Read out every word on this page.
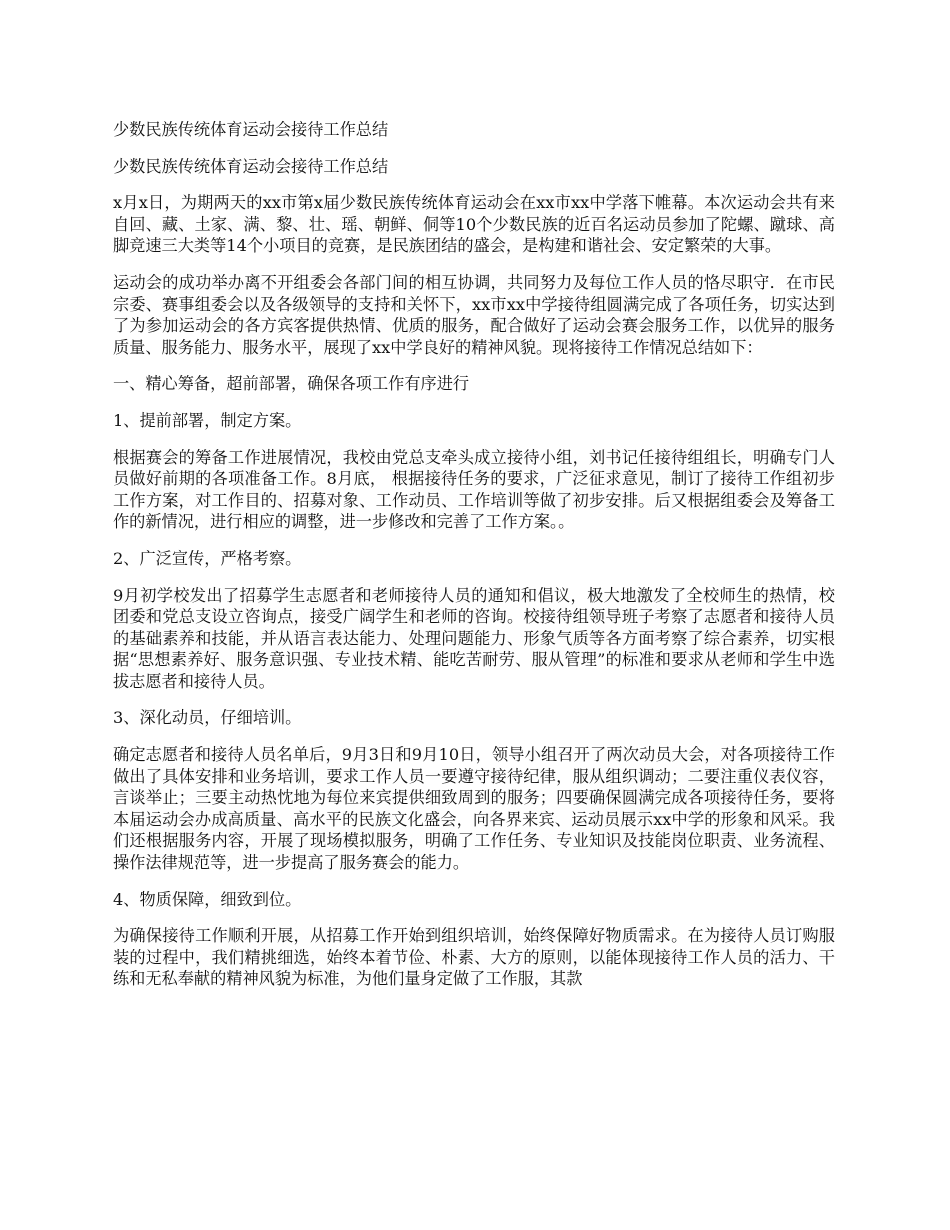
少数民族传统体育运动会接待工作总结

少数民族传统体育运动会接待工作总结

x月x日，为期两天的xx市第x届少数民族传统体育运动会在xx市xx中学落下帷幕。本次运动会共有来自回、藏、土家、满、黎、壮、瑶、朝鲜、侗等10个少数民族的近百名运动员参加了陀螺、蹴球、高脚竞速三大类等14个小项目的竞赛，是民族团结的盛会，是构建和谐社会、安定繁荣的大事。

运动会的成功举办离不开组委会各部门间的相互协调，共同努力及每位工作人员的恪尽职守．在市民宗委、赛事组委会以及各级领导的支持和关怀下，xx市xx中学接待组圆满完成了各项任务，切实达到了为参加运动会的各方宾客提供热情、优质的服务，配合做好了运动会赛会服务工作，以优异的服务质量、服务能力、服务水平，展现了xx中学良好的精神风貌。现将接待工作情况总结如下：

一、精心筹备，超前部署，确保各项工作有序进行

1、提前部署，制定方案。

根据赛会的筹备工作进展情况，我校由党总支牵头成立接待小组，刘书记任接待组组长，明确专门人员做好前期的各项准备工作。8月底， 根据接待任务的要求，广泛征求意见，制订了接待工作组初步工作方案，对工作目的、招募对象、工作动员、工作培训等做了初步安排。后又根据组委会及筹备工作的新情况，进行相应的调整，进一步修改和完善了工作方案。。

2、广泛宣传，严格考察。

9月初学校发出了招募学生志愿者和老师接待人员的通知和倡议，极大地激发了全校师生的热情，校团委和党总支设立咨询点，接受广阔学生和老师的咨询。校接待组领导班子考察了志愿者和接待人员的基础素养和技能，并从语言表达能力、处理问题能力、形象气质等各方面考察了综合素养，切实根据“思想素养好、服务意识强、专业技术精、能吃苦耐劳、服从管理”的标准和要求从老师和学生中选拔志愿者和接待人员。

3、深化动员，仔细培训。

确定志愿者和接待人员名单后，9月3日和9月10日，领导小组召开了两次动员大会，对各项接待工作做出了具体安排和业务培训，要求工作人员一要遵守接待纪律，服从组织调动；二要注重仪表仪容，言谈举止；三要主动热忱地为每位来宾提供细致周到的服务；四要确保圆满完成各项接待任务，要将本届运动会办成高质量、高水平的民族文化盛会，向各界来宾、运动员展示xx中学的形象和风采。我们还根据服务内容，开展了现场模拟服务，明确了工作任务、专业知识及技能岗位职责、业务流程、操作法律规范等，进一步提高了服务赛会的能力。

4、物质保障，细致到位。

为确保接待工作顺利开展，从招募工作开始到组织培训，始终保障好物质需求。在为接待人员订购服装的过程中，我们精挑细选，始终本着节俭、朴素、大方的原则，以能体现接待工作人员的活力、干练和无私奉献的精神风貌为标准，为他们量身定做了工作服，其款
